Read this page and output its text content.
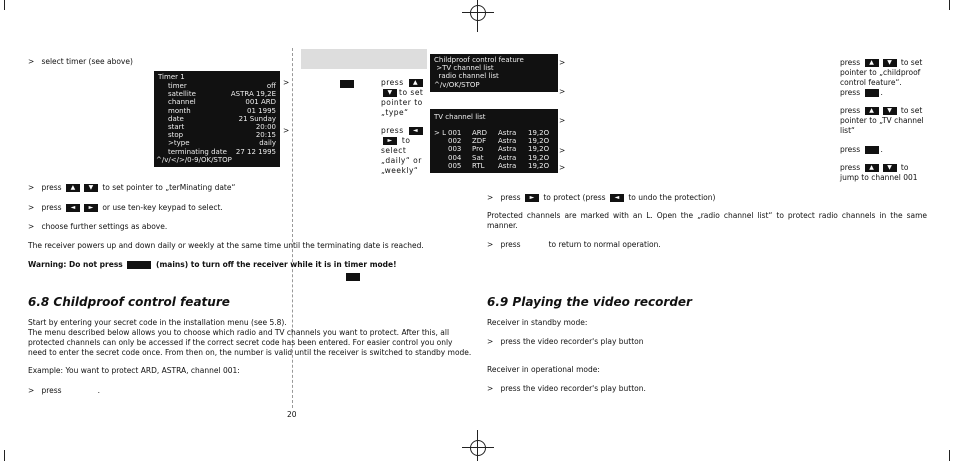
> select timer (see above)
Timer 1
timer	off
satellite	ASTRA 19,2E
channel	001 ARD
month	01 1995
date	21 Sunday
start	20:00
stop	20:15
>type	daily
terminating date 27 12 1995
^/v/</>/0-9/OK/STOP
>
>
press ▲ ▼ to set pointer to „type“
press ◄ ► to select „daily“ or „weekly“
> press ▲ ▼ to set pointer to „terMinating date“
> press ◄ ► or use ten-key keypad to select.
> choose further settings as above.
The receiver powers up and down daily or weekly at the same time until the terminating date is reached.
Warning: Do not press	(mains) to turn off the receiver while it is in timer mode!
6.8 Childproof control feature
Start by entering your secret code in the installation menu (see 5.8).
The menu described below allows you to choose which radio and TV channels you want to protect. After this, all
protected channels can only be accessed if the correct secret code has been entered. For easier control you only
need to enter the secret code once. From then on, the number is valid until the receiver is switched to standby mode.
Example: You want to protect ARD, ASTRA, channel 001:
> press	.
20
Childproof control feature
>TV channel list
radio channel list
^/v/OK/STOP
TV channel list
> L 001	ARD	Astra	19,2O
002	ZDF	Astra	19,2O
003	Pro	Astra	19,2O
004	Sat	Astra	19,2O
005	RTL	Astra	19,2O
>
>
>
>
>
press ▲ ▼ to set pointer to „childproof control feature“.
press	.
press ▲ ▼ to set pointer to „TV channel list“
press	.
press ▲ ▼ to jump to channel 001
> press ► to protect (press ◄ to undo the protection)
Protected channels are marked with an L. Open the „radio channel list“ to protect radio channels in the same manner.
> press	to return to normal operation.
6.9 Playing the video recorder
Receiver in standby mode:
> press the video recorder's play button
Receiver in operational mode:
> press the video recorder's play button.
